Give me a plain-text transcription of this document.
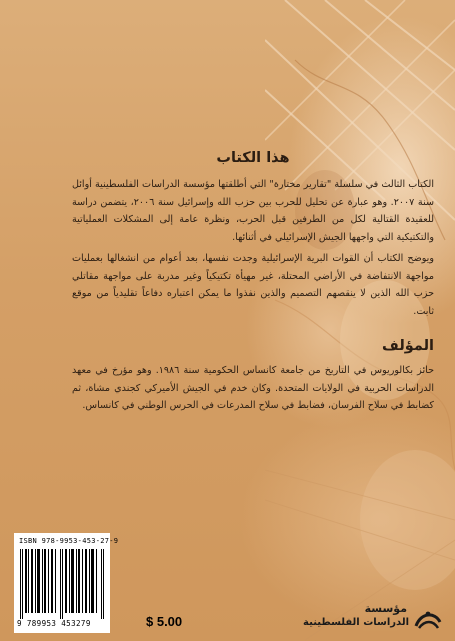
هذا الكتاب

الكتاب الثالث في سلسلة "تقارير مختارة" التي أطلقتها مؤسسة الدراسات الفلسطينية أوائل سنة ٢٠٠٧. وهو عبارة عن تحليل للحرب بين حزب الله وإسرائيل سنة ٢٠٠٦، يتضمن دراسة للعقيدة القتالية لكل من الطرفين قبل الحرب، ونظرة عامة إلى المشكلات العملياتية والتكتيكية التي واجهها الجيش الإسرائيلي في أثنائها.

ويوضح الكتاب أن القوات البرية الإسرائيلية وجدت نفسها، بعد أعوام من انشغالها بعمليات مواجهة الانتفاضة في الأراضي المحتلة، غير مهيأة تكتيكياً وغير مدربة على مواجهة مقاتلي حزب الله الذين لا ينقصهم التصميم والذين نفذوا ما يمكن اعتباره دفاعاً تقليدياً من موقع ثابت.

المؤلف

حائز بكالوريوس في التاريخ من جامعة كانساس الحكومية سنة ١٩٨٦. وهو مؤرخ في معهد الدراسات الحربية في الولايات المتحدة. وكان خدم في الجيش الأميركي كجندي مشاة، ثم كضابط في سلاح الفرسان، فضابط في سلاح المدرعات في الحرس الوطني في كانساس.

ISBN 978-9953-453-27-9
9 789953 453279	$ 5.00
مؤسسة
الدراسات الفلسطينية
